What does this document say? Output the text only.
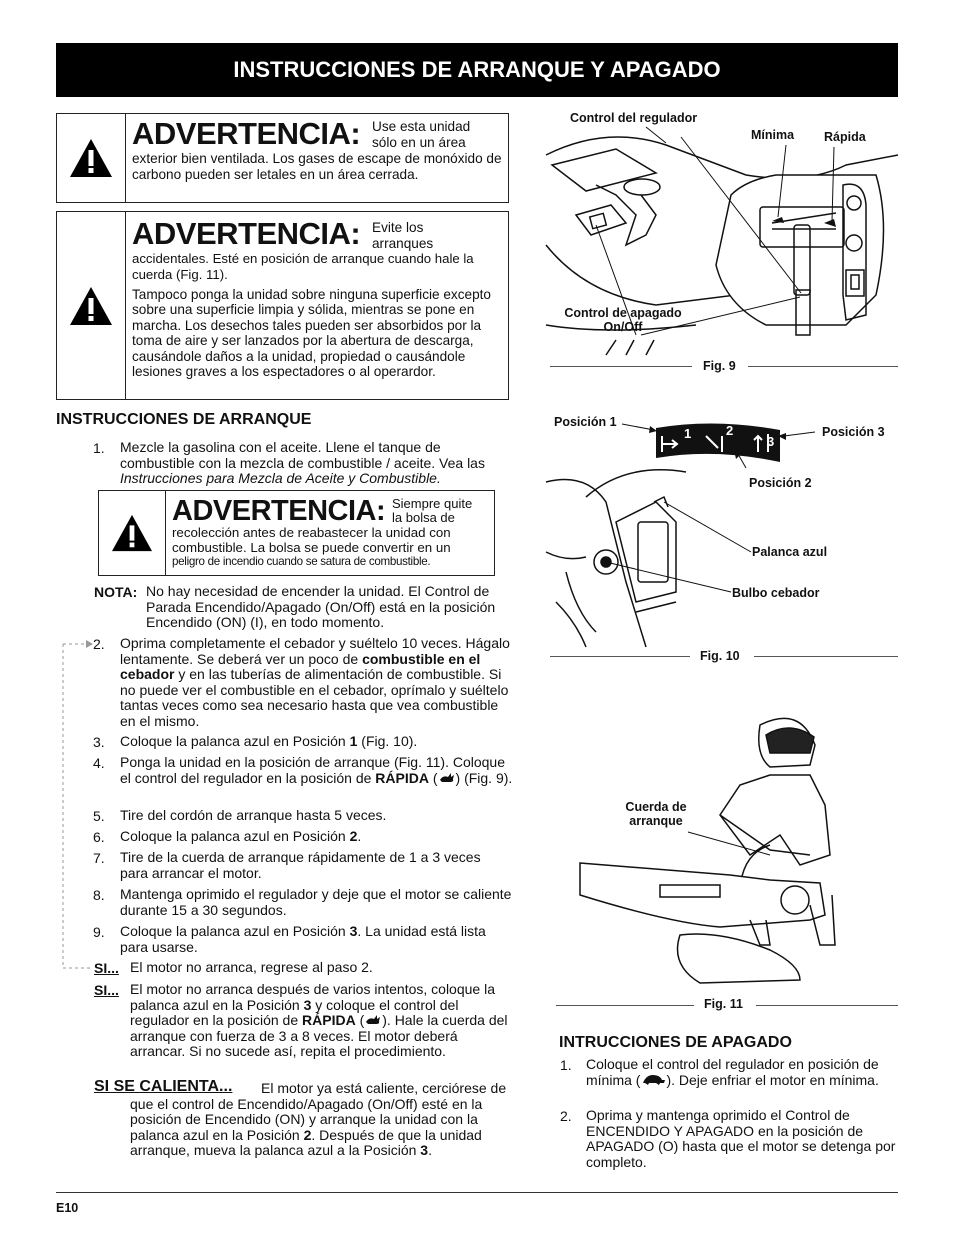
INSTRUCCIONES DE ARRANQUE Y APAGADO
ADVERTENCIA: Use esta unidad
sólo en un área
exterior bien ventilada. Los gases de escape de monóxido de carbono pueden ser letales en un área cerrada.
ADVERTENCIA: Evite los
arranques
accidentales. Esté en posición de arranque cuando hale la cuerda (Fig. 11).
Tampoco ponga la unidad sobre ninguna superficie excepto sobre una superficie limpia y sólida, mientras se pone en marcha. Los desechos tales pueden ser absorbidos por la toma de aire y ser lanzados por la abertura de descarga, causándole daños a la unidad, propiedad o causándole lesiones graves a los espectadores o al operardor.
INSTRUCCIONES DE ARRANQUE
1. Mezcle la gasolina con el aceite. Llene el tanque de combustible con la mezcla de combustible / aceite. Vea las Instrucciones para Mezcla de Aceite y Combustible.
ADVERTENCIA: Siempre quite
la bolsa de
recolección antes de reabastecer la unidad con combustible. La bolsa se puede convertir en un
peligro de incendio cuando se satura de combustible.
NOTA: No hay necesidad de encender la unidad. El Control de Parada Encendido/Apagado (On/Off) está en la posición Encendido (ON) (I), en todo momento.
2. Oprima completamente el cebador y suéltelo 10 veces. Hágalo lentamente. Se deberá ver un poco de combustible en el cebador y en las tuberías de alimentación de combustible. Si no puede ver el combustible en el cebador, oprímalo y suéltelo tantas veces como sea necesario hasta que vea combustible en el mismo.
3. Coloque la palanca azul en Posición 1 (Fig. 10).
4. Ponga la unidad en la posición de arranque (Fig. 11). Coloque el control del regulador en la posición de RÁPIDA ( ) (Fig. 9).
5. Tire del cordón de arranque hasta 5 veces.
6. Coloque la palanca azul en Posición 2.
7. Tire de la cuerda de arranque rápidamente de 1 a 3 veces para arrancar el motor.
8. Mantenga oprimido el regulador y deje que el motor se caliente durante 15 a 30 segundos.
9. Coloque la palanca azul en Posición 3. La unidad está lista para usarse.
SI... El motor no arranca, regrese al paso 2.
SI... El motor no arranca después de varios intentos, coloque la palanca azul en la Posición 3 y coloque el control del regulador en la posición de RÁPIDA ( ). Hale la cuerda del arranque con fuerza de 3 a 8 veces. El motor deberá arrancar. Si no sucede así, repita el procedimiento.
SI SE CALIENTA...	El motor ya está caliente, cerciórese de que el control de Encendido/Apagado (On/Off) esté en la posición de Encendido (ON) y arranque la unidad con la palanca azul en la Posición 2. Después de que la unidad arranque, mueva la palanca azul a la Posición 3.
Control del regulador
Mínima Rápida
Control de apagado
On/Off
Fig. 9
Posición 1
Posición 3
Posición 2
1	2
3
Palanca azul
Bulbo cebador
Fig. 10
Cuerda de
arranque
Fig. 11
INTRUCCIONES DE APAGADO
1. Coloque el control del regulador en posición de mínima ( ). Deje enfriar el motor en mínima.
2. Oprima y mantenga oprimido el Control de ENCENDIDO Y APAGADO en la posición de APAGADO (O) hasta que el motor se detenga por completo.
E10
